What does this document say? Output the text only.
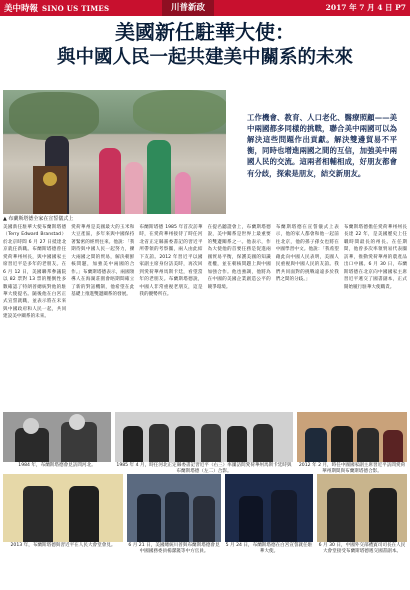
美中時報 SINO US TIMES	川普新政	2017 年 7 月 4 日 P7
美國新任駐華大使：
與中國人民一起共建美中關系的未來
▲ 布蘭斯塔德全家在宣誓儀式上
工作機會、教育、人口老化、醫療照顧——美中兩國都多同樣的挑戰，聯合美中兩國可以為解決這些問題作出貢獻。解決雙邊貿易不平衡，同時也增進兩國之間的互信，加強美中兩國人民的交流。這兩者相輔相成，好朋友都會有分歧，探索是朋友，結交新朋友。
美國新任駐華大使布蘭斯塔德（Terry Edward Branstad）於北京時間 6 月 27 日抵達北京就任新職。布蘭斯塔德曾任愛荷華州州長，與中國國家主席習近平是多年的老朋友。在 6 月 12 日，美國聯邦參議院以 82 票對 13 票的壓倒性多數確認了特朗普總統對他的駐華大使提名。隨後他在白宮正式宣誓就職，並表示將在未來與中國政府和人民一起，共同建設美中關系的未來。
愛荷華州是美國最大的玉米和大豆產區，多年來與中國保持著緊密的經貿往來。他說：「我期待與中國人民一起努力，擴大兩國之間的貿易，解決朝鮮核問題，加強美中兩國的合作。」布蘭斯塔德表示，兩國領導人在海湖莊園會晤期間確立了新的對話機制，他希望在此基礎上推進雙邊關系的發展。
布蘭斯塔德 1985 年首次訪華時，在愛荷華州接待了時任河北省正定縣黨委書記的習近平所帶領的考察團，兩人由此結下友誼。2012 年習近平以國家副主席身份訪美時，再次回到愛荷華州馬斯卡廷，看望當年的老朋友。布蘭斯塔德說，中國人非常重視老朋友，這是我的優勢所在。
在提名聽證會上，布蘭斯塔德說，美中關系是世界上最重要的雙邊關系之一。他表示，作為大使他的首要任務是促進兩國貿易平衡，保護美國的知識產權，並在朝核問題上與中國加強合作。他也強調，他將為在中國的美國企業創造公平的競爭環境。
布蘭斯塔德在宣誓儀式上表示，他的家人都會和他一起前往北京，他的孫子孫女也將在中國學習中文。他說：「我希望藉此向中國人民表明，美國人民重視與中國人民的友誼。我們共同面對的挑戰遠遠多於我們之間的分歧。」
布蘭斯塔德擔任愛荷華州州長長達 22 年，是美國歷史上任職時間最長的州長。在任期間，他曾多次率領貿易代表團訪華，推動愛荷華州的農產品出口中國。6 月 30 日，布蘭斯塔德在北京向中國國家主席習近平遞交了國書副本，正式開始履行駐華大使職責。
1984 年，布蘭斯塔德會見訪問河北。	1985 年 4 月，時任河北正定縣委書記習近平（右三）率團訪問愛荷華州馬斯卡廷時與布蘭斯塔德（左二）合影。
2012 年 2 月，時任中國國家副主席習近平訪問愛荷華州期間與布蘭斯塔德合影。
2013 年，布蘭斯塔德與習近平在人民大會堂會見。	6 月 21 日，美國總統川普與布蘭斯塔德會見中國國務委員楊潔篪等中方官員。
5 月 24 日，布蘭斯塔德在白宮宣誓就任駐華大使。
6 月 30 日，中國外交部禮賓司司長在人民大會堂接受布蘭斯塔德遞交國書副本。
